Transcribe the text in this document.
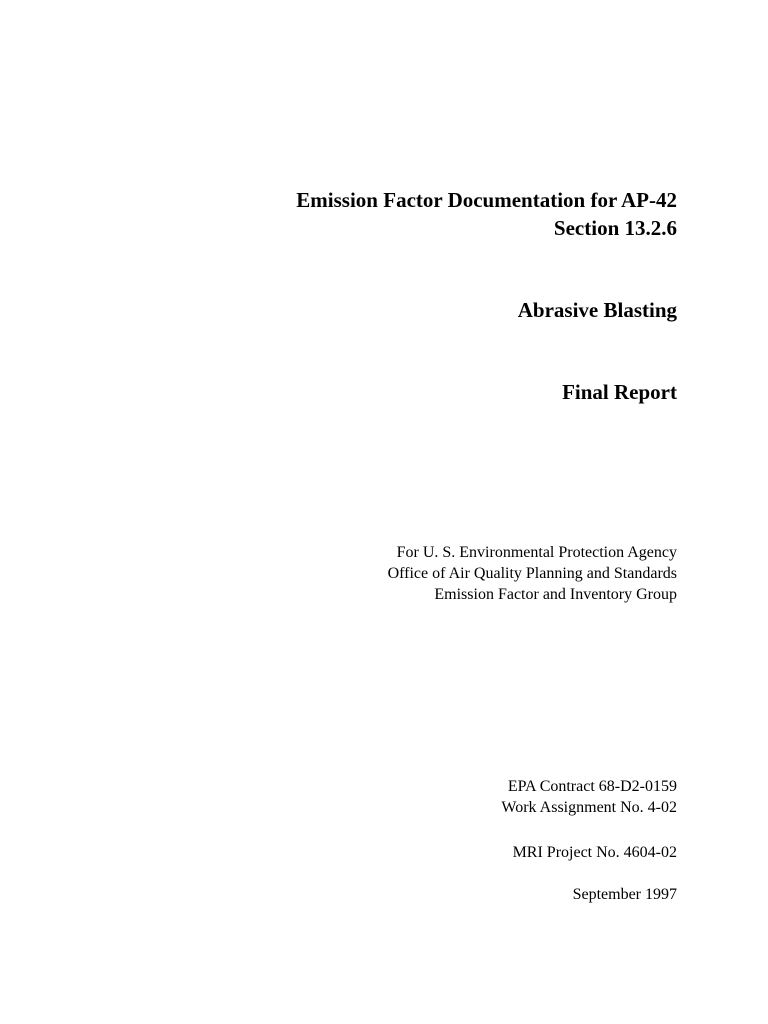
Emission Factor Documentation for AP-42
Section 13.2.6
Abrasive Blasting
Final Report
For U. S. Environmental Protection Agency
Office of Air Quality Planning and Standards
Emission Factor and Inventory Group
EPA Contract 68-D2-0159
Work Assignment No. 4-02
MRI Project No. 4604-02
September 1997
